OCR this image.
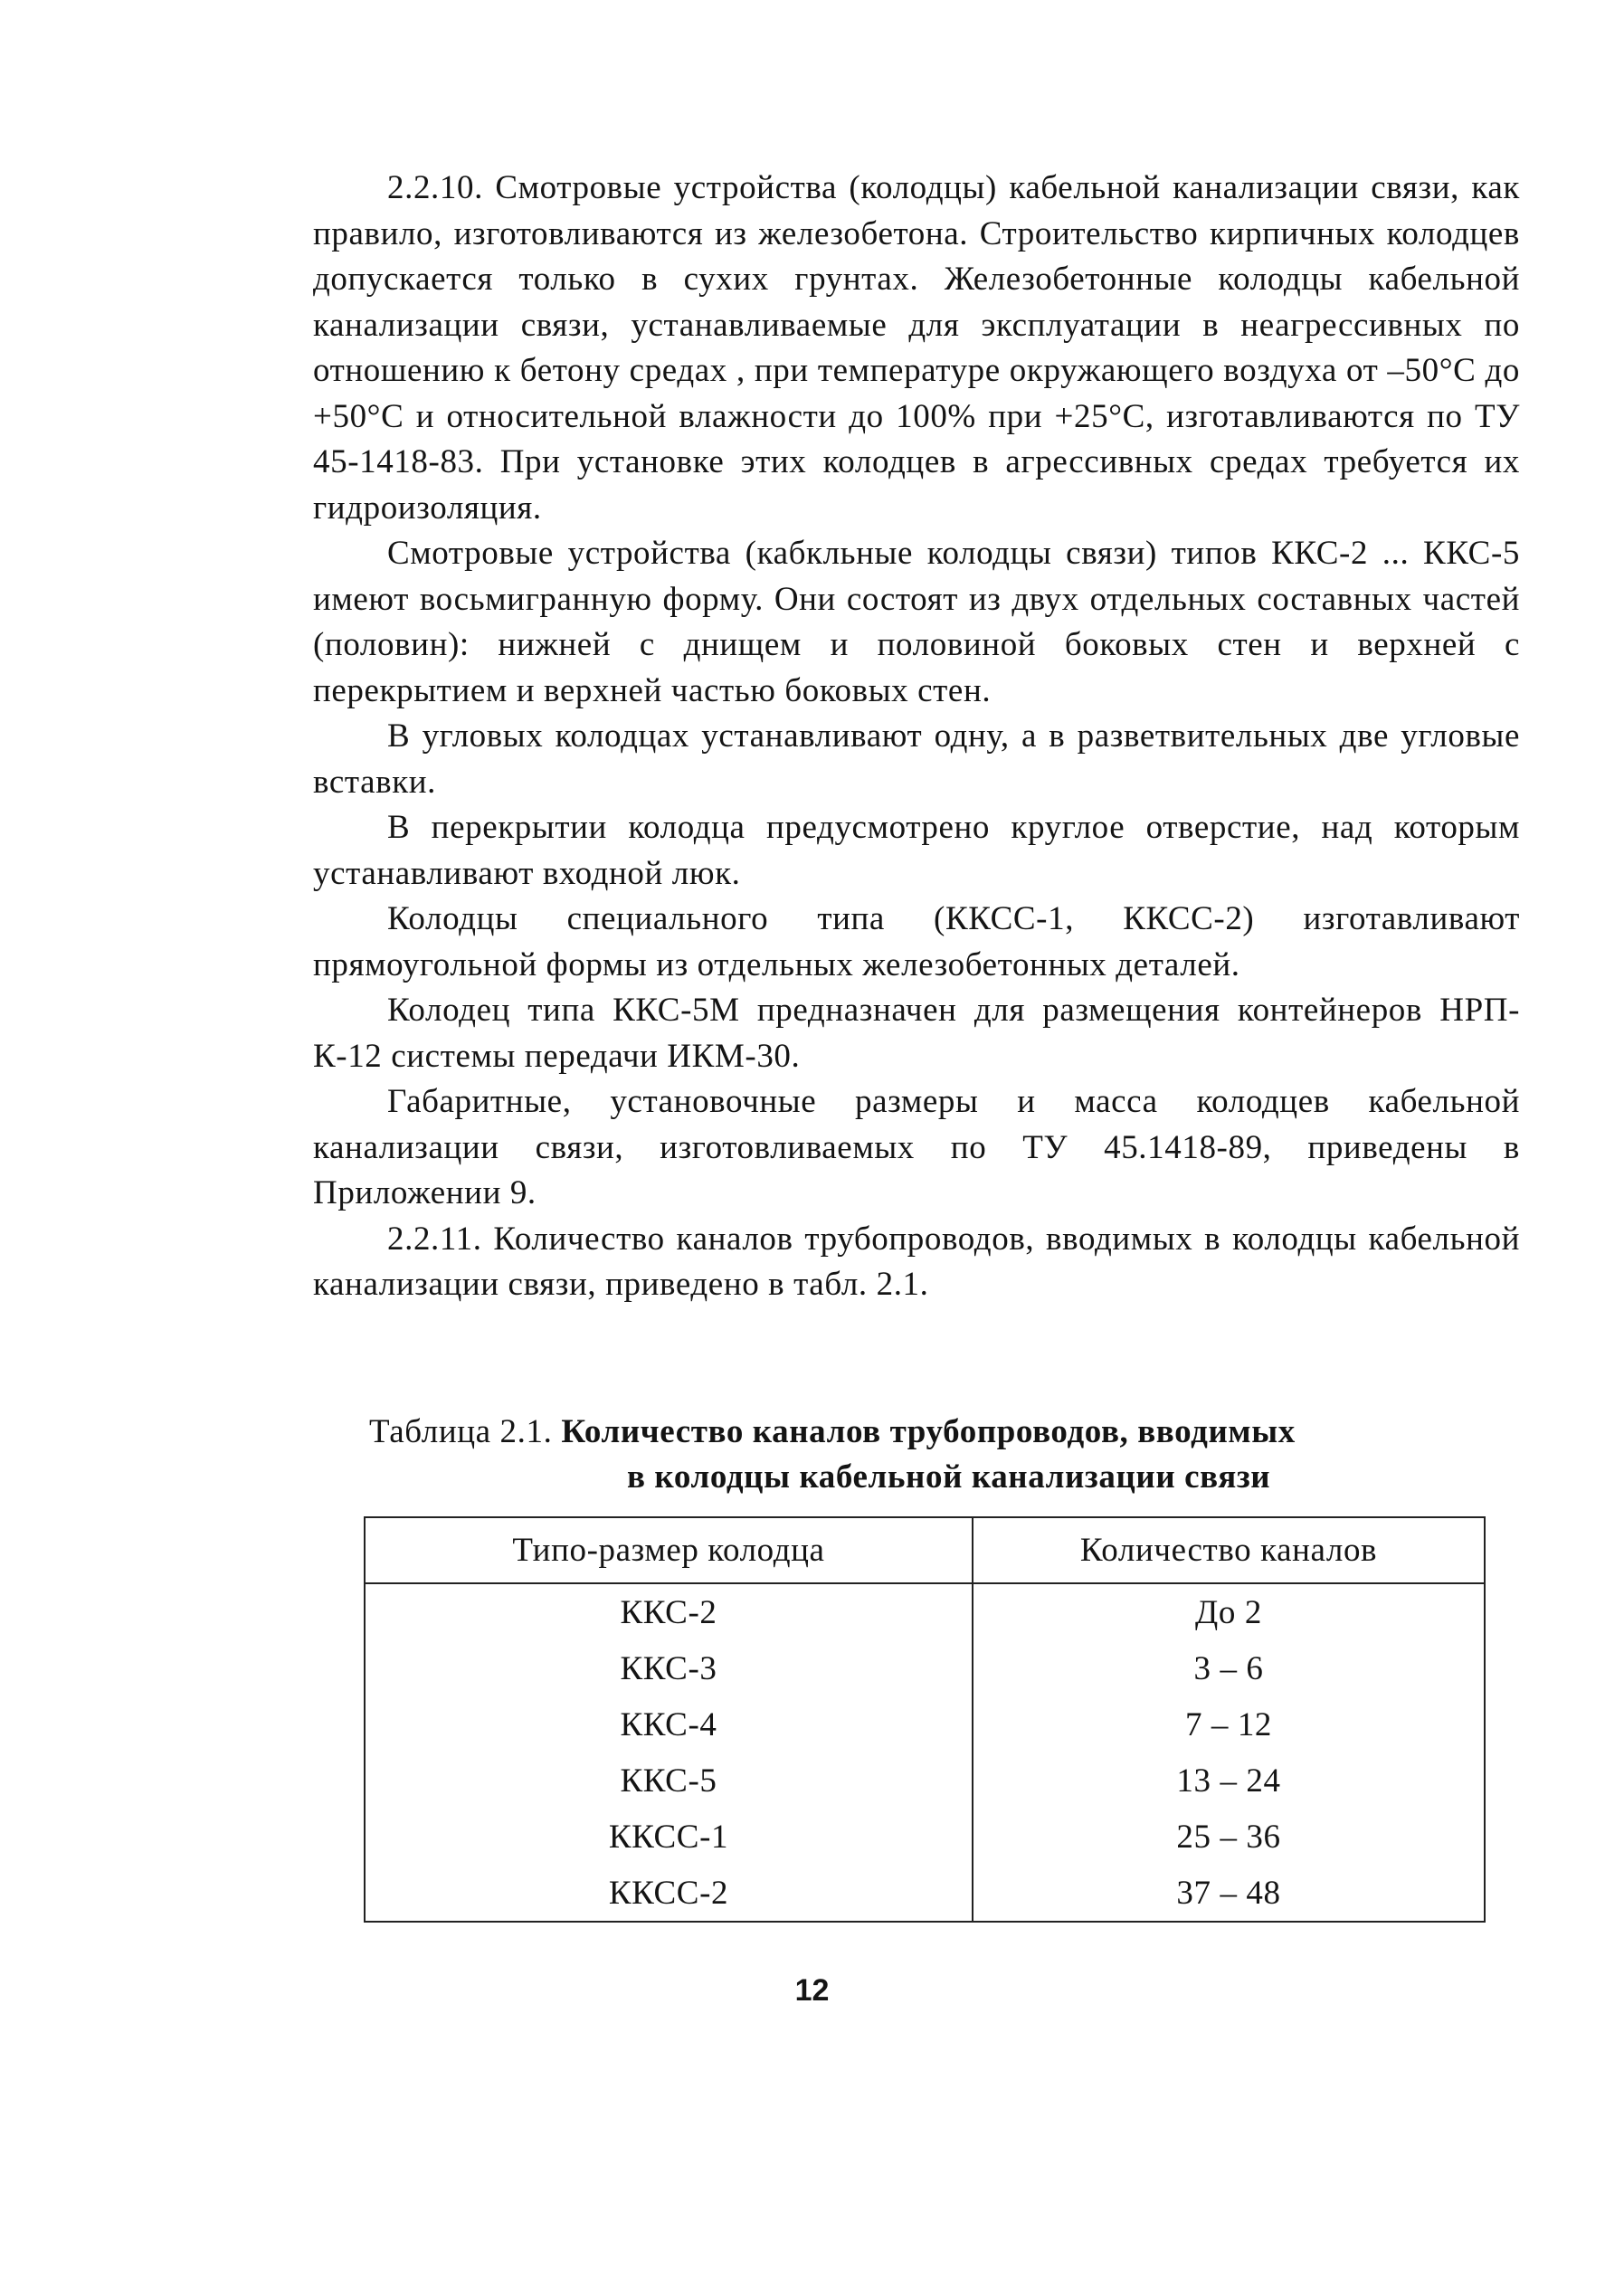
2.2.10. Смотровые устройства (колодцы) кабельной канализации связи, как правило, изготовливаются из железобетона. Строительство кирпичных колодцев допускается только в сухих грунтах. Железобетонные колодцы кабельной канализации связи, устанавливаемые для эксплуатации в неагрессивных по отношению к бетону средах , при температуре окружающего воздуха от –50°С до +50°С и относительной влажности до 100% при +25°С, изготавливаются по ТУ 45-1418-83. При установке этих колодцев в агрессивных средах требуется их гидроизоляция.

Смотровые устройства (кабкльные колодцы связи) типов ККС-2 ... ККС-5 имеют восьмигранную форму. Они состоят из двух отдельных составных частей (половин): нижней с днищем и половиной боковых стен и верхней с перекрытием и верхней частью боковых стен.

В угловых колодцах устанавливают одну, а в разветвительных две угловые вставки.

В перекрытии колодца предусмотрено круглое отверстие, над которым устанавливают входной люк.

Колодцы специального типа (ККСС-1, ККСС-2) изготавливают прямоугольной формы из отдельных железобетонных деталей.

Колодец типа ККС-5М предназначен для размещения контейнеров НРП-К-12 системы передачи ИКМ-30.

Габаритные, установочные размеры и масса колодцев кабельной канализации связи, изготовливаемых по ТУ 45.1418-89, приведены в Приложении 9.

2.2.11. Количество каналов трубопроводов, вводимых в колодцы кабельной канализации связи, приведено в табл. 2.1.

Таблица 2.1. Количество каналов трубопроводов, вводимых
в колодцы кабельной канализации связи
Типо-размер колодца	Количество каналов
ККС-2	До 2
ККС-3	3 – 6
ККС-4	7 – 12
ККС-5	13 – 24
ККСС-1	25 – 36
ККСС-2	37 – 48
12
